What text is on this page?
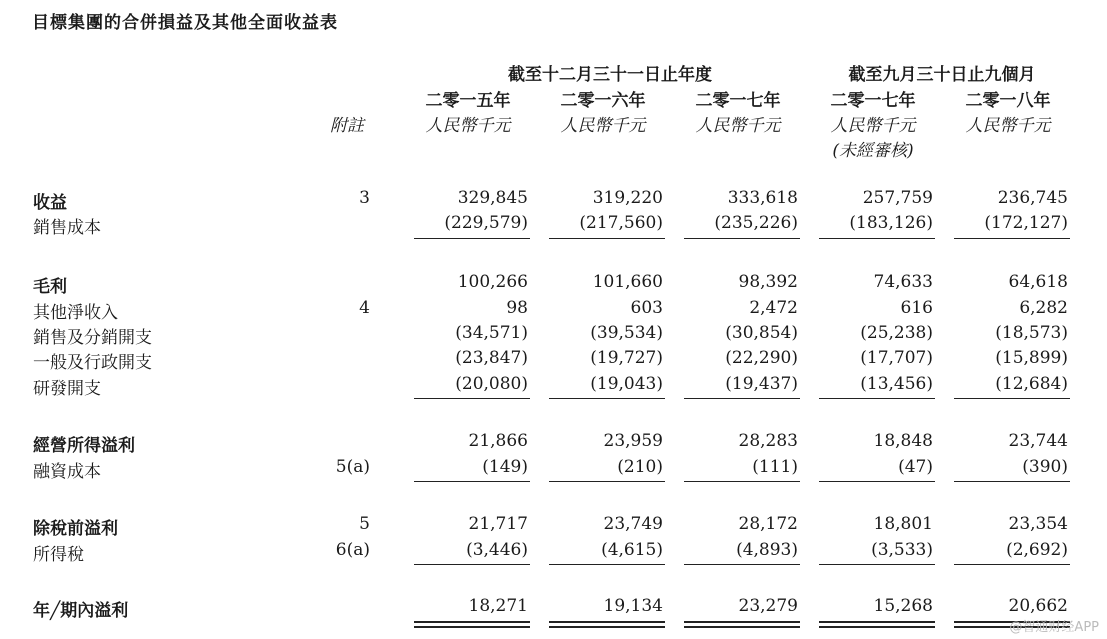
目標集團的合併損益及其他全面收益表
截至十二月三十一日止年度	截至九月三十日止九個月
二零一五年	二零一六年	二零一七年	二零一七年	二零一八年
附註	人民幣千元	人民幣千元	人民幣千元	人民幣千元	人民幣千元
(未經審核)
收益	3	329,845	319,220	333,618	257,759	236,745
銷售成本	(229,579)	(217,560)	(235,226)	(183,126)	(172,127)
毛利	100,266	101,660	98,392	74,633	64,618
其他淨收入	4	98	603	2,472	616	6,282
銷售及分銷開支	(34,571)	(39,534)	(30,854)	(25,238)	(18,573)
一般及行政開支	(23,847)	(19,727)	(22,290)	(17,707)	(15,899)
研發開支	(20,080)	(19,043)	(19,437)	(13,456)	(12,684)
經營所得溢利	21,866	23,959	28,283	18,848	23,744
融資成本	5(a)	(149)	(210)	(111)	(47)	(390)
除稅前溢利	5	21,717	23,749	28,172	18,801	23,354
所得稅	6(a)	(3,446)	(4,615)	(4,893)	(3,533)	(2,692)
年╱期內溢利	18,271	19,134	23,279	15,268	20,662
@智通财经APP
